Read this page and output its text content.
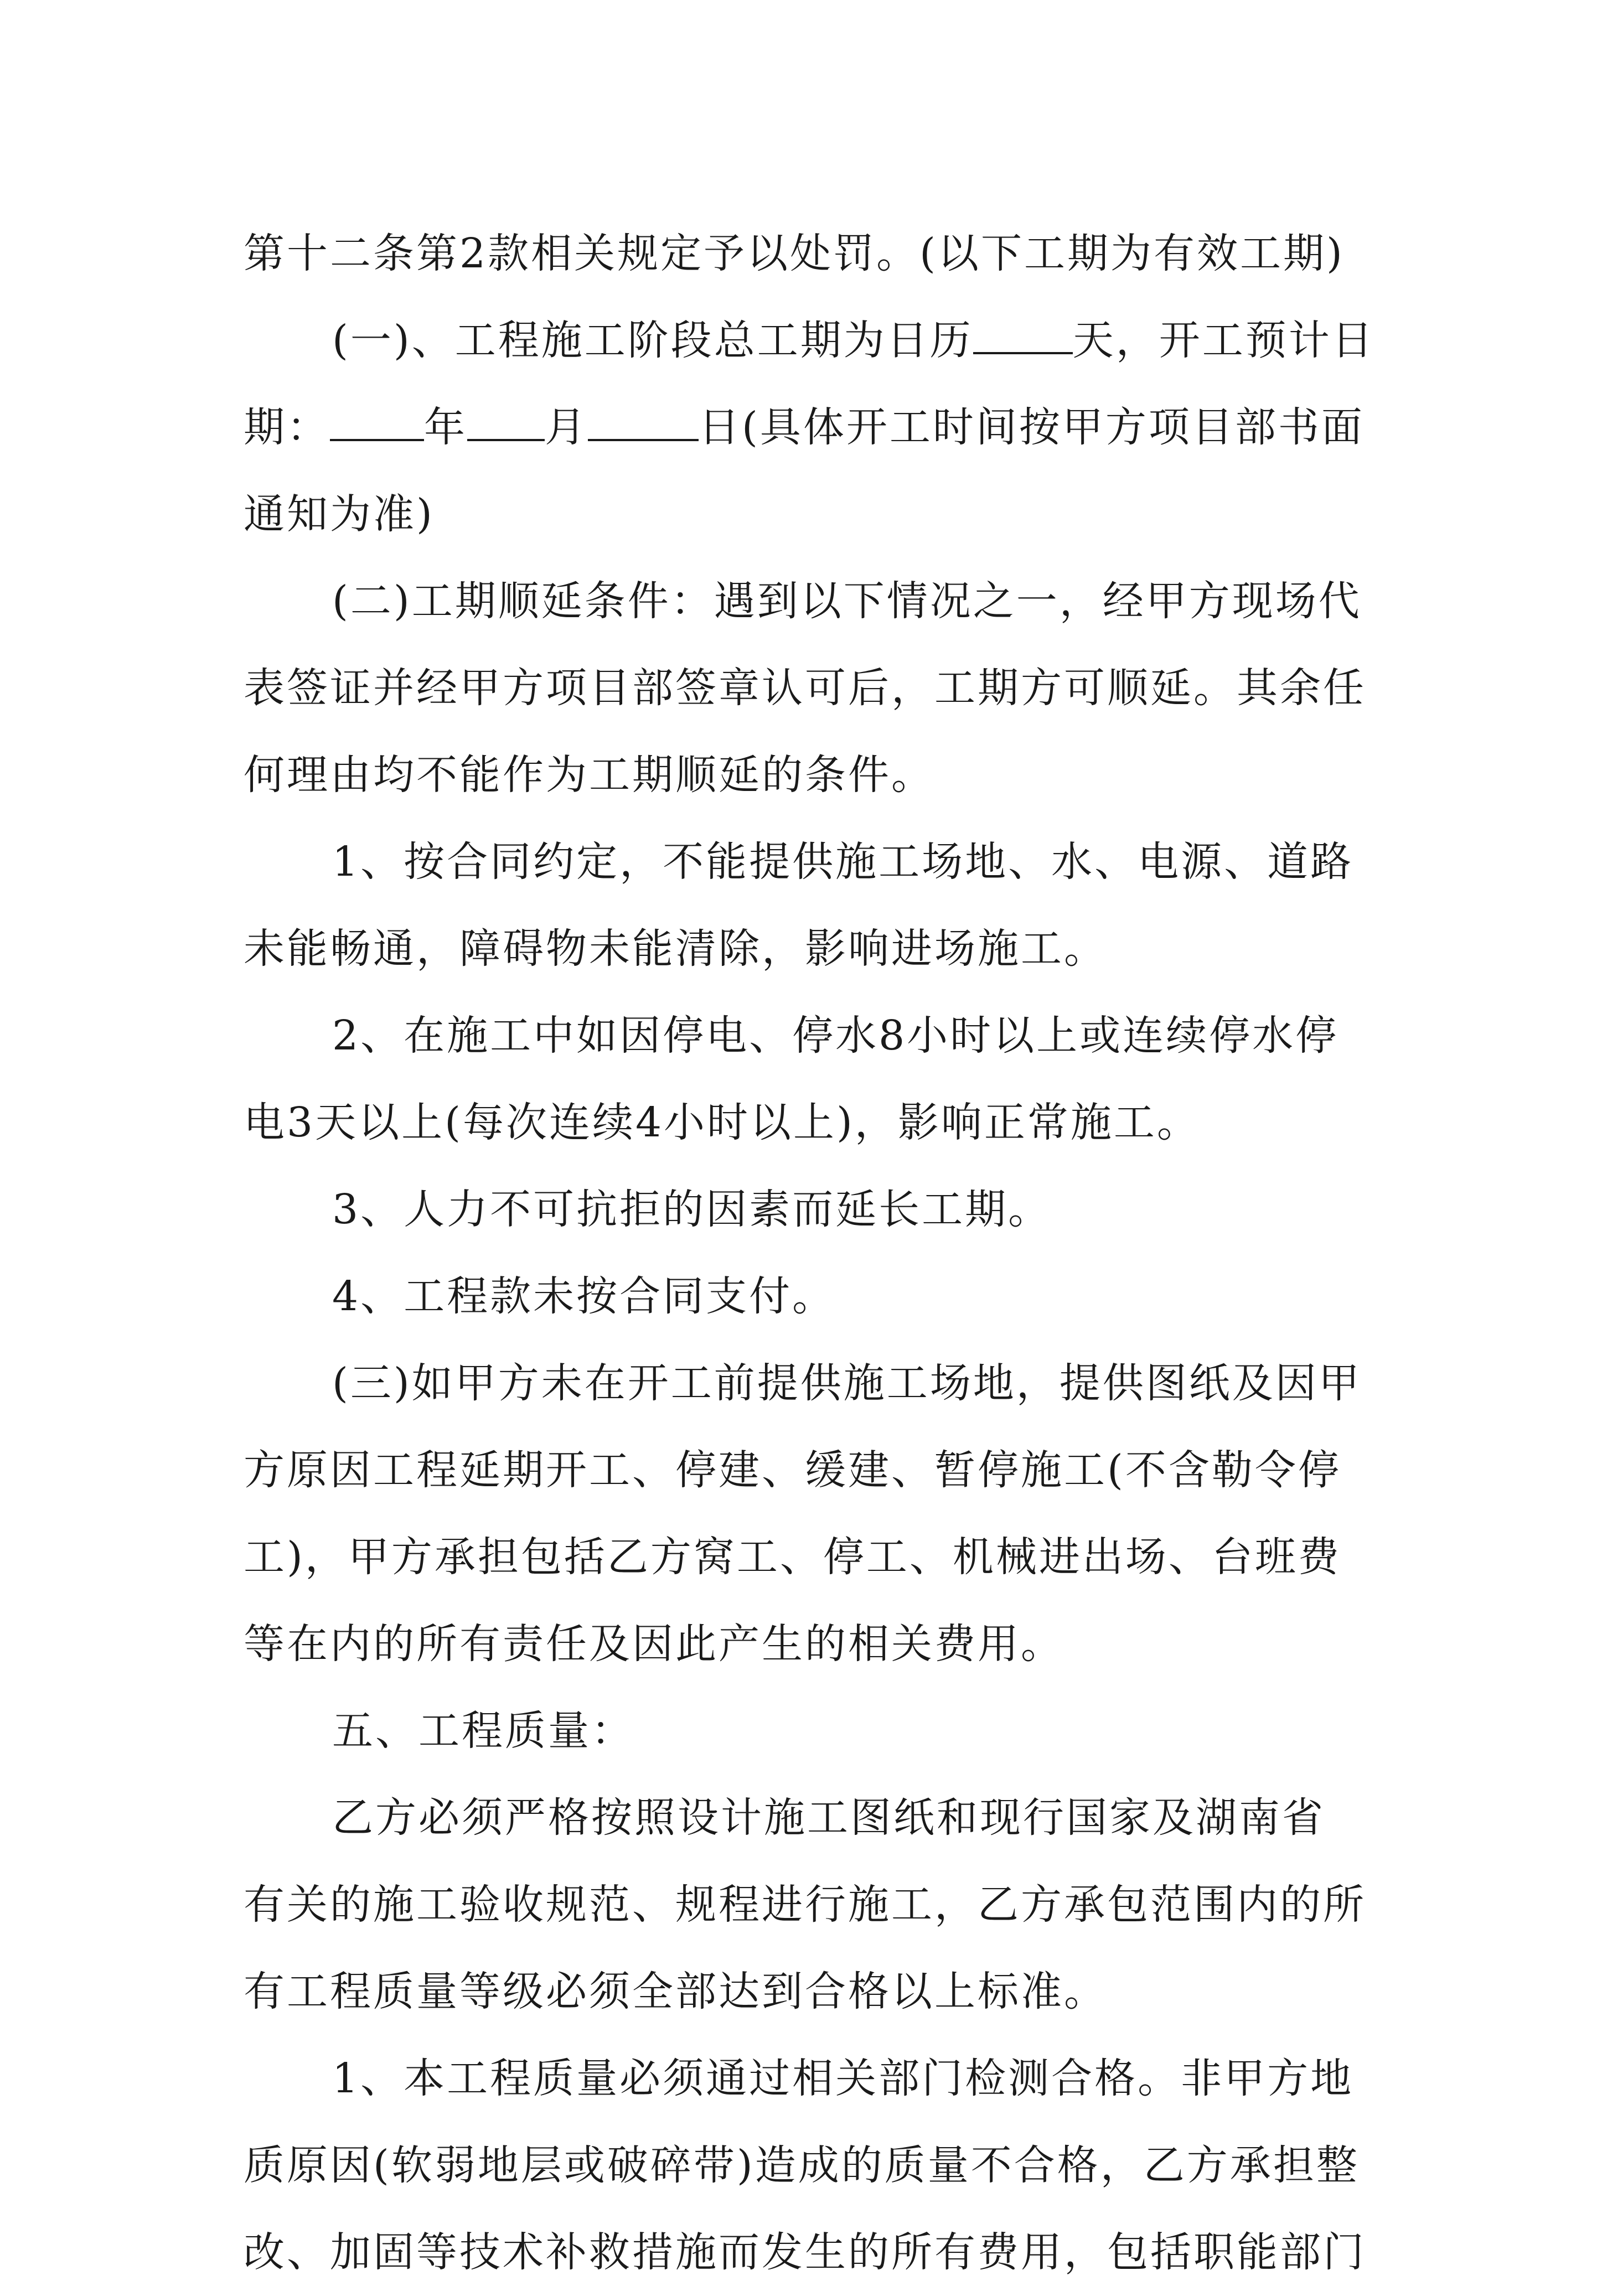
第十二条第2款相关规定予以处罚。(以下工期为有效工期)
(一)、工程施工阶段总工期为日历 天，开工预计日
期： 年 月	日(具体开工时间按甲方项目部书面
通知为准)
(二)工期顺延条件：遇到以下情况之一，经甲方现场代
表签证并经甲方项目部签章认可后，工期方可顺延。其余任
何理由均不能作为工期顺延的条件。
1、按合同约定，不能提供施工场地、水、电源、道路
未能畅通，障碍物未能清除，影响进场施工。
2、在施工中如因停电、停水8小时以上或连续停水停
电3天以上(每次连续4小时以上)，影响正常施工。
3、人力不可抗拒的因素而延长工期。
4、工程款未按合同支付。
(三)如甲方未在开工前提供施工场地，提供图纸及因甲
方原因工程延期开工、停建、缓建、暂停施工(不含勒令停
工)，甲方承担包括乙方窝工、停工、机械进出场、台班费
等在内的所有责任及因此产生的相关费用。
五、工程质量：
乙方必须严格按照设计施工图纸和现行国家及湖南省
有关的施工验收规范、规程进行施工，乙方承包范围内的所
有工程质量等级必须全部达到合格以上标准。
1、本工程质量必须通过相关部门检测合格。非甲方地
质原因(软弱地层或破碎带)造成的质量不合格，乙方承担整
改、加固等技术补救措施而发生的所有费用，包括职能部门
